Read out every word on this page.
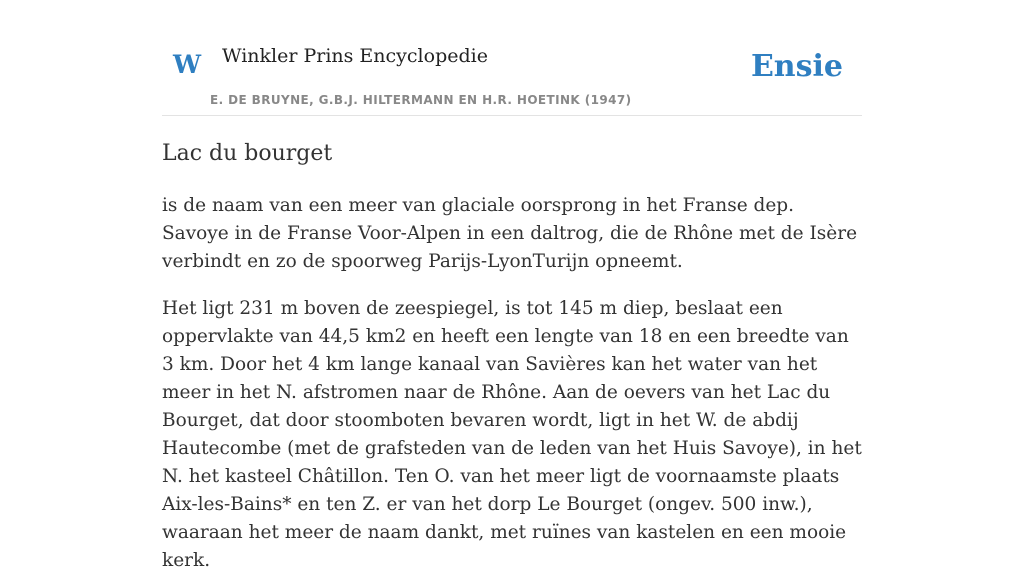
W Winkler Prins Encyclopedie
E. DE BRUYNE, G.B.J. HILTERMANN EN H.R. HOETINK (1947)
Ensie
Lac du bourget

is de naam van een meer van glaciale oorsprong in het Franse dep. Savoye in de Franse Voor-Alpen in een daltrog, die de Rhône met de Isère verbindt en zo de spoorweg Parijs-LyonTurijn opneemt.

Het ligt 231 m boven de zeespiegel, is tot 145 m diep, beslaat een oppervlakte van 44,5 km2 en heeft een lengte van 18 en een breedte van 3 km. Door het 4 km lange kanaal van Savières kan het water van het meer in het N. afstromen naar de Rhône. Aan de oevers van het Lac du Bourget, dat door stoomboten bevaren wordt, ligt in het W. de abdij Hautecombe (met de grafsteden van de leden van het Huis Savoye), in het N. het kasteel Châtillon. Ten O. van het meer ligt de voornaamste plaats Aix-les-Bains* en ten Z. er van het dorp Le Bourget (ongev. 500 inw.), waaraan het meer de naam dankt, met ruïnes van kastelen en een mooie kerk.
